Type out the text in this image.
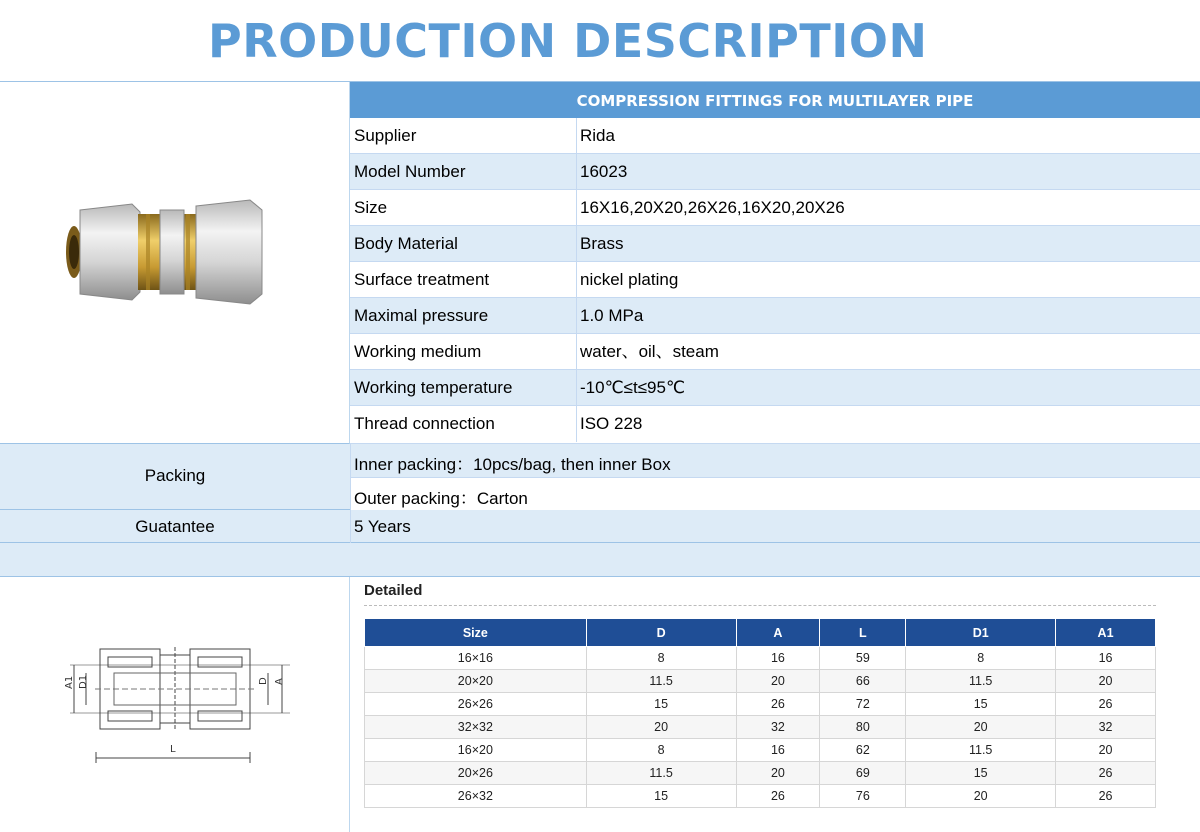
PRODUCTION DESCRIPTION
COMPRESSION FITTINGS FOR MULTILAYER PIPE
Supplier	Rida
Model Number	16023
Size	16X16,20X20,26X26,16X20,20X26
Body Material	Brass
Surface treatment	nickel plating
Maximal pressure	1.0 MPa
Working medium	water、oil、steam
Working temperature	-10℃≤t≤95℃
Thread connection	ISO 228
Packing
Inner packing：10pcs/bag, then inner Box
Outer packing：Carton
Guatantee	5 Years
A1 D1	D A
L
Detailed
Size	D	A	L	D1	A1
16×16	8	16	59	8	16
20×20	11.5	20	66	11.5	20
26×26	15	26	72	15	26
32×32	20	32	80	20	32
16×20	8	16	62	11.5	20
20×26	11.5	20	69	15	26
26×32	15	26	76	20	26
